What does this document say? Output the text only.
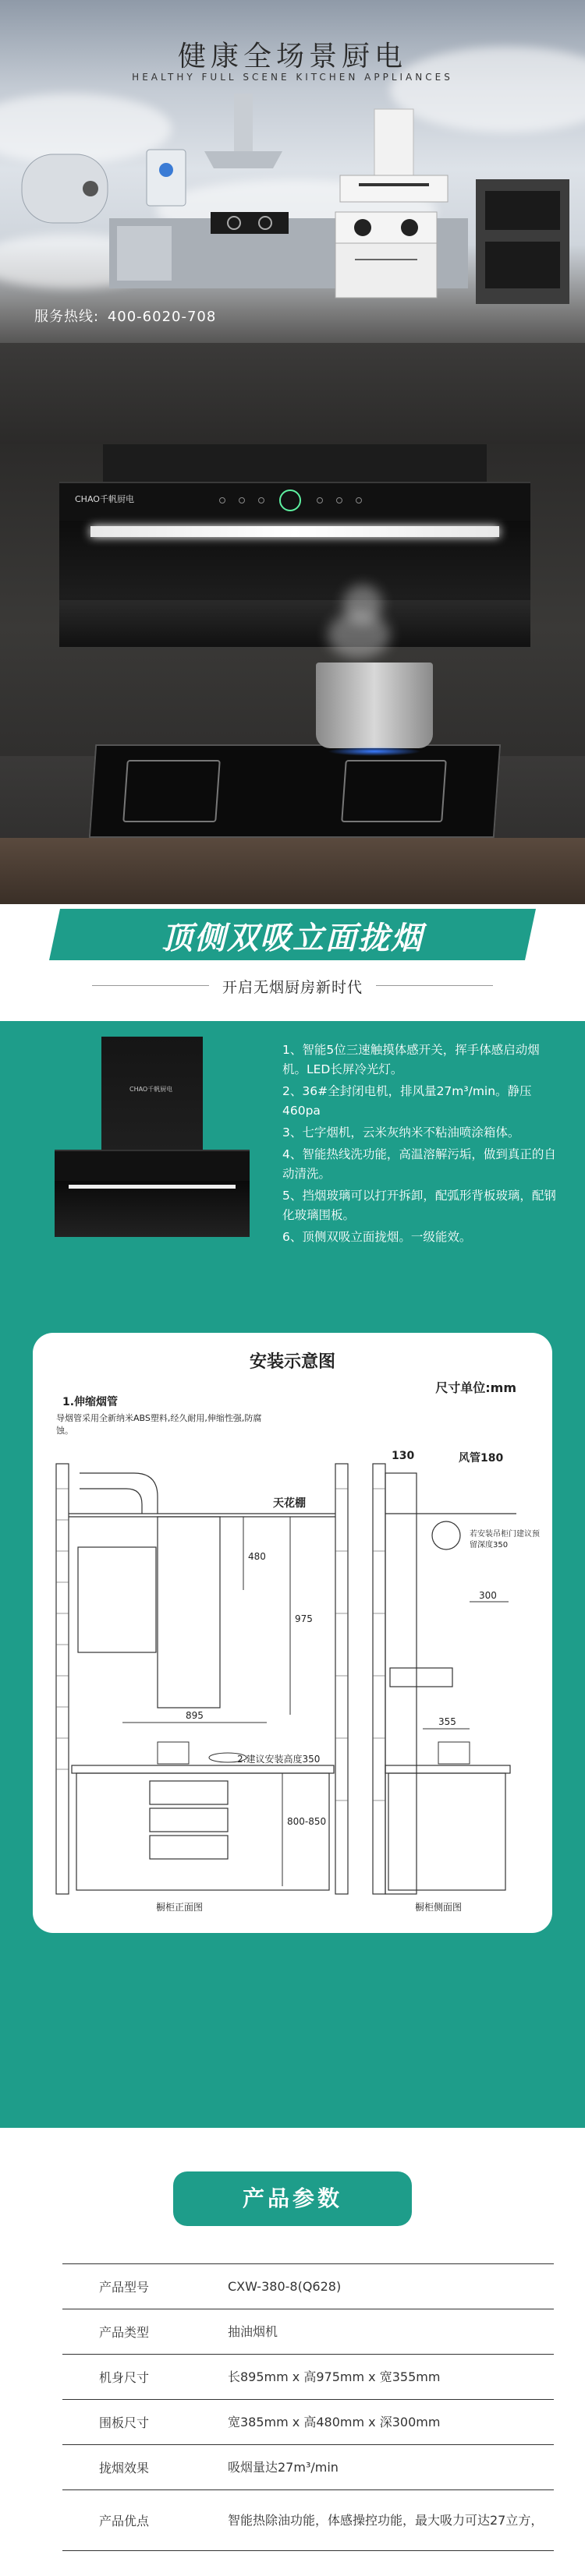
健康全场景厨电
HEALTHY FULL SCENE KITCHEN APPLIANCES
服务热线: 400-6020-708
CHAO千帆厨电
顶侧双吸立面拢烟
开启无烟厨房新时代
CHAO千帆厨电
1、智能5位三速触摸体感开关，挥手体感启动烟机。LED长屏冷光灯。
2、36#全封闭电机，排风量27m³/min。静压460pa
3、七字烟机，云米灰纳米不粘油喷涂箱体。
4、智能热线洗功能，高温溶解污垢，做到真正的自动清洗。
5、挡烟玻璃可以打开拆卸，配弧形背板玻璃，配钢化玻璃围板。
6、顶侧双吸立面拢烟。一级能效。
安装示意图
尺寸单位:mm
1.伸缩烟管
导烟管采用全新纳米ABS塑料,经久耐用,伸缩性强,防腐蚀。
天花棚
480
975
895
2.建议安装高度350
800-850
橱柜正面图
130	风管180
若安装吊柜门建议预留深度350
300
355
橱柜侧面图
产品参数
产品型号	CXW-380-8(Q628)
产品类型	抽油烟机
机身尺寸	长895mm x 高975mm x 宽355mm
围板尺寸	宽385mm x 高480mm x 深300mm
拢烟效果	吸烟量达27m³/min
产品优点	智能热除油功能，体感操控功能，最大吸力可达27立方，
